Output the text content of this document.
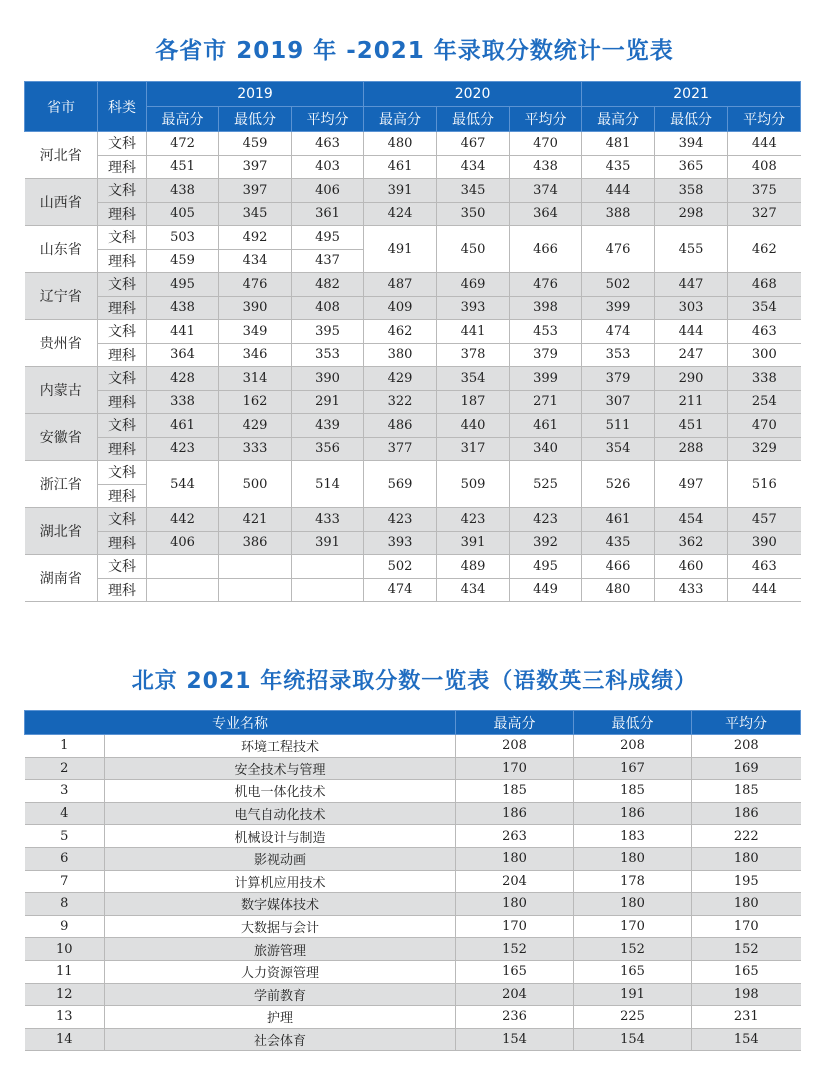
各省市 2019 年 -2021 年录取分数统计一览表
省市	科类	2019			2020			2021		
		最高分	最低分	平均分	最高分	最低分	平均分	最高分	最低分	平均分
河北省	文科	472	459	463	480	467	470	481	394	444
	理科	451	397	403	461	434	438	435	365	408
山西省	文科	438	397	406	391	345	374	444	358	375
	理科	405	345	361	424	350	364	388	298	327
山东省	文科	503	492	495	491	450	466	476	455	462
	理科	459	434	437						
辽宁省	文科	495	476	482	487	469	476	502	447	468
	理科	438	390	408	409	393	398	399	303	354
贵州省	文科	441	349	395	462	441	453	474	444	463
	理科	364	346	353	380	378	379	353	247	300
内蒙古	文科	428	314	390	429	354	399	379	290	338
	理科	338	162	291	322	187	271	307	211	254
安徽省	文科	461	429	439	486	440	461	511	451	470
	理科	423	333	356	377	317	340	354	288	329
浙江省	文科	544	500	514	569	509	525	526	497	516
	理科									
湖北省	文科	442	421	433	423	423	423	461	454	457
	理科	406	386	391	393	391	392	435	362	390
湖南省	文科				502	489	495	466	460	463
	理科				474	434	449	480	433	444
北京 2021 年统招录取分数一览表（语数英三科成绩）
专业名称		最高分	最低分	平均分
1	环境工程技术	208	208	208
2	安全技术与管理	170	167	169
3	机电一体化技术	185	185	185
4	电气自动化技术	186	186	186
5	机械设计与制造	263	183	222
6	影视动画	180	180	180
7	计算机应用技术	204	178	195
8	数字媒体技术	180	180	180
9	大数据与会计	170	170	170
10	旅游管理	152	152	152
11	人力资源管理	165	165	165
12	学前教育	204	191	198
13	护理	236	225	231
14	社会体育	154	154	154
